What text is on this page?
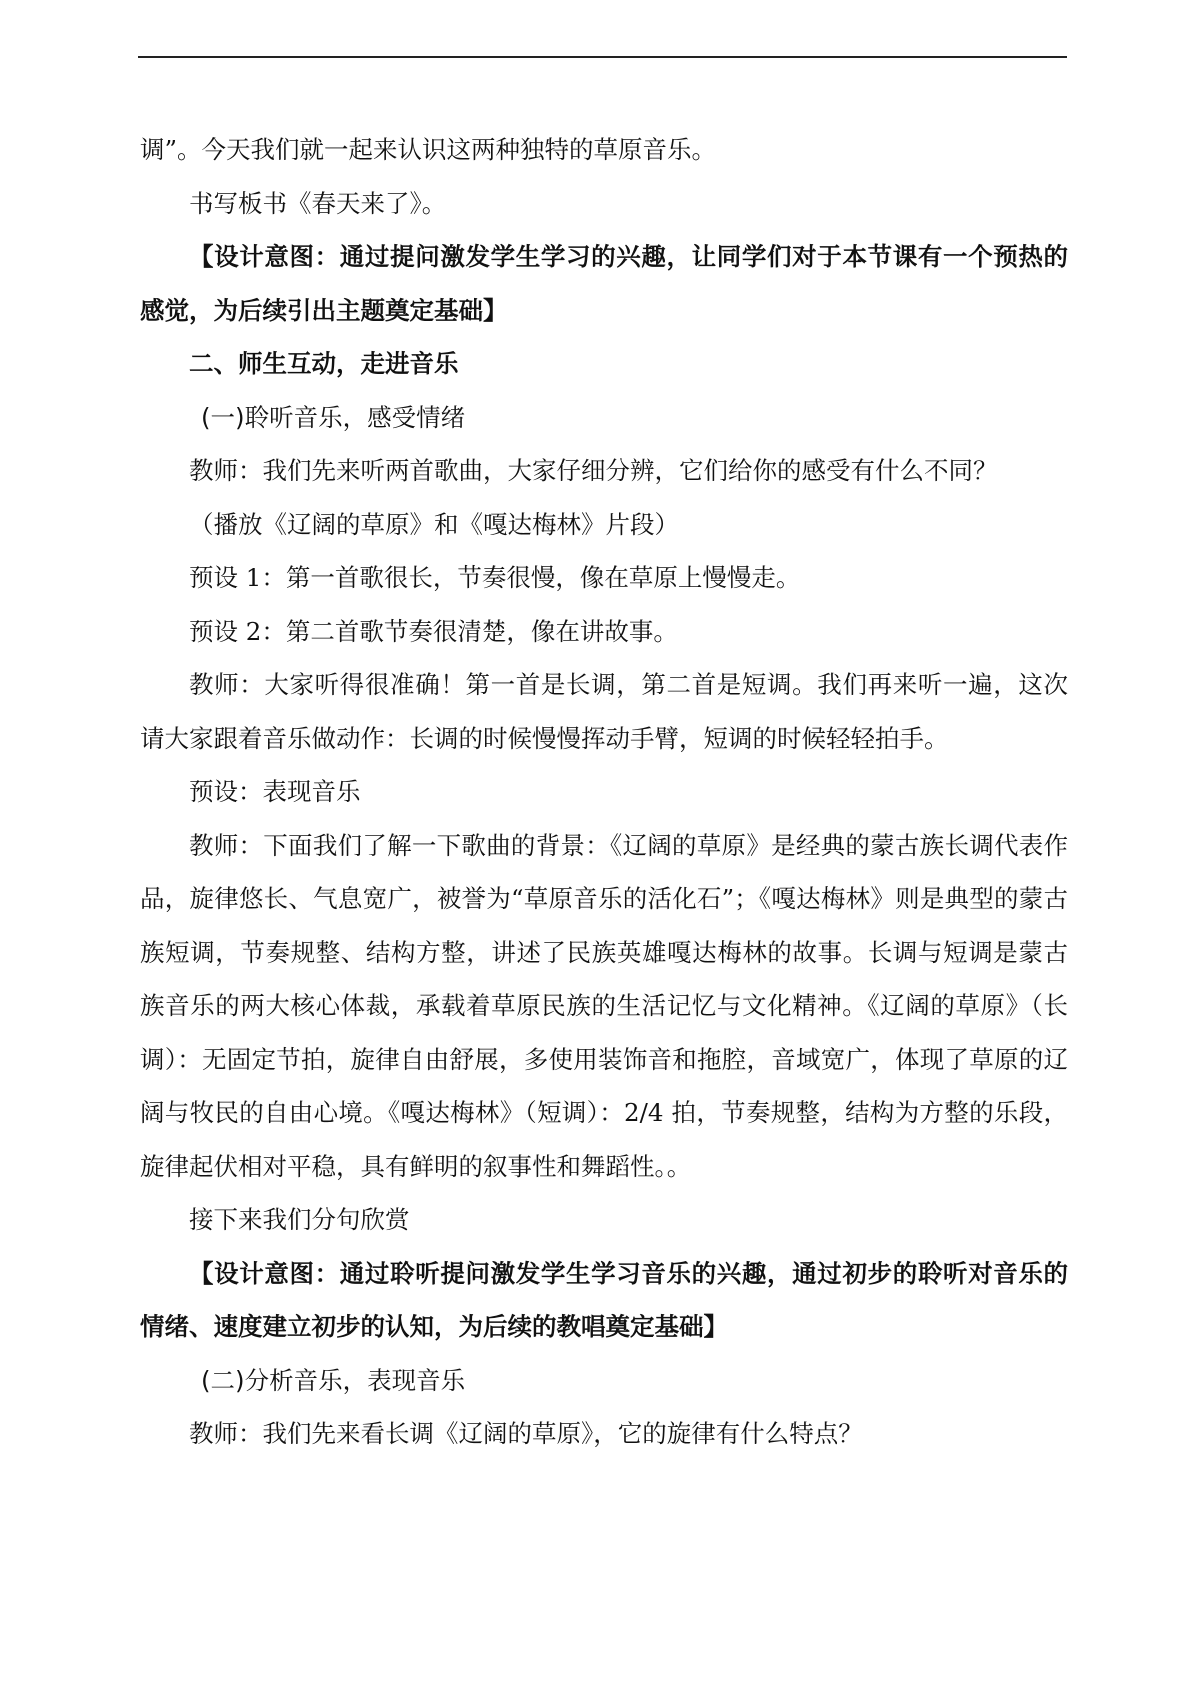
调”。今天我们就一起来认识这两种独特的草原音乐。

书写板书《春天来了》。

【设计意图：通过提问激发学生学习的兴趣，让同学们对于本节课有一个预热的感觉，为后续引出主题奠定基础】

二、师生互动，走进音乐

(一)聆听音乐，感受情绪

教师：我们先来听两首歌曲，大家仔细分辨，它们给你的感受有什么不同？

（播放《辽阔的草原》和《嘎达梅林》片段）

预设 1：第一首歌很长，节奏很慢，像在草原上慢慢走。

预设 2：第二首歌节奏很清楚，像在讲故事。

教师：大家听得很准确！第一首是长调，第二首是短调。我们再来听一遍，这次请大家跟着音乐做动作：长调的时候慢慢挥动手臂，短调的时候轻轻拍手。

预设：表现音乐

教师：下面我们了解一下歌曲的背景：《辽阔的草原》是经典的蒙古族长调代表作品，旋律悠长、气息宽广，被誉为“草原音乐的活化石”；《嘎达梅林》则是典型的蒙古族短调，节奏规整、结构方整，讲述了民族英雄嘎达梅林的故事。长调与短调是蒙古族音乐的两大核心体裁，承载着草原民族的生活记忆与文化精神。《辽阔的草原》（长调）：无固定节拍，旋律自由舒展，多使用装饰音和拖腔，音域宽广，体现了草原的辽阔与牧民的自由心境。《嘎达梅林》（短调）：2/4 拍，节奏规整，结构为方整的乐段，旋律起伏相对平稳，具有鲜明的叙事性和舞蹈性。。

接下来我们分句欣赏

【设计意图：通过聆听提问激发学生学习音乐的兴趣，通过初步的聆听对音乐的情绪、速度建立初步的认知，为后续的教唱奠定基础】

(二)分析音乐，表现音乐

教师：我们先来看长调《辽阔的草原》，它的旋律有什么特点？
